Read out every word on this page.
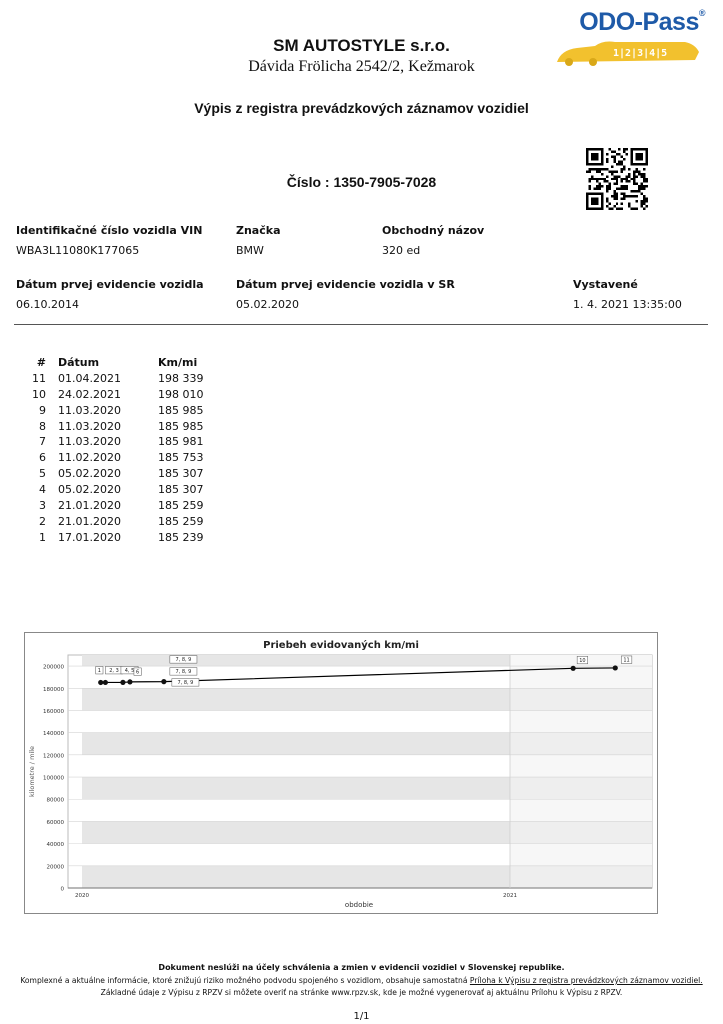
SM AUTOSTYLE s.r.o.
Dávida Frölicha 2542/2, Kežmarok
ODO-Pass®
1|2|3|4|5
Výpis z registra prevádzkových záznamov vozidiel
Číslo : 1350-7905-7028
Identifikačné číslo vozidla VIN
WBA3L11080K177065
Značka
BMW
Obchodný názov
320 ed
Dátum prvej evidencie vozidla
06.10.2014
Dátum prvej evidencie vozidla v SR
05.02.2020
Vystavené
1. 4. 2021 13:35:00
#	Dátum	Km/mi
11	01.04.2021	198 339
10	24.02.2021	198 010
9	11.03.2020	185 985
8	11.03.2020	185 985
7	11.03.2020	185 981
6	11.02.2020	185 753
5	05.02.2020	185 307
4	05.02.2020	185 307
3	21.01.2020	185 259
2	21.01.2020	185 259
1	17.01.2020	185 239
Priebeh evidovaných km/mi
0
20000
40000
60000
80000
100000
120000
140000
160000
180000
200000
2020	2021
obdobie
kilometre / míle
1 2, 3 4, 5 6
7, 8, 9
7, 8, 9
7, 8, 9
10	11
Dokument neslúži na účely schválenia a zmien v evidencii vozidiel v Slovenskej republike.
Komplexné a aktuálne informácie, ktoré znižujú riziko možného podvodu spojeného s vozidlom, obsahuje samostatná Príloha k Výpisu z registra prevádzkových záznamov vozidiel.
Základné údaje z Výpisu z RPZV si môžete overiť na stránke www.rpzv.sk, kde je možné vygenerovať aj aktuálnu Prílohu k Výpisu z RPZV.
1/1
